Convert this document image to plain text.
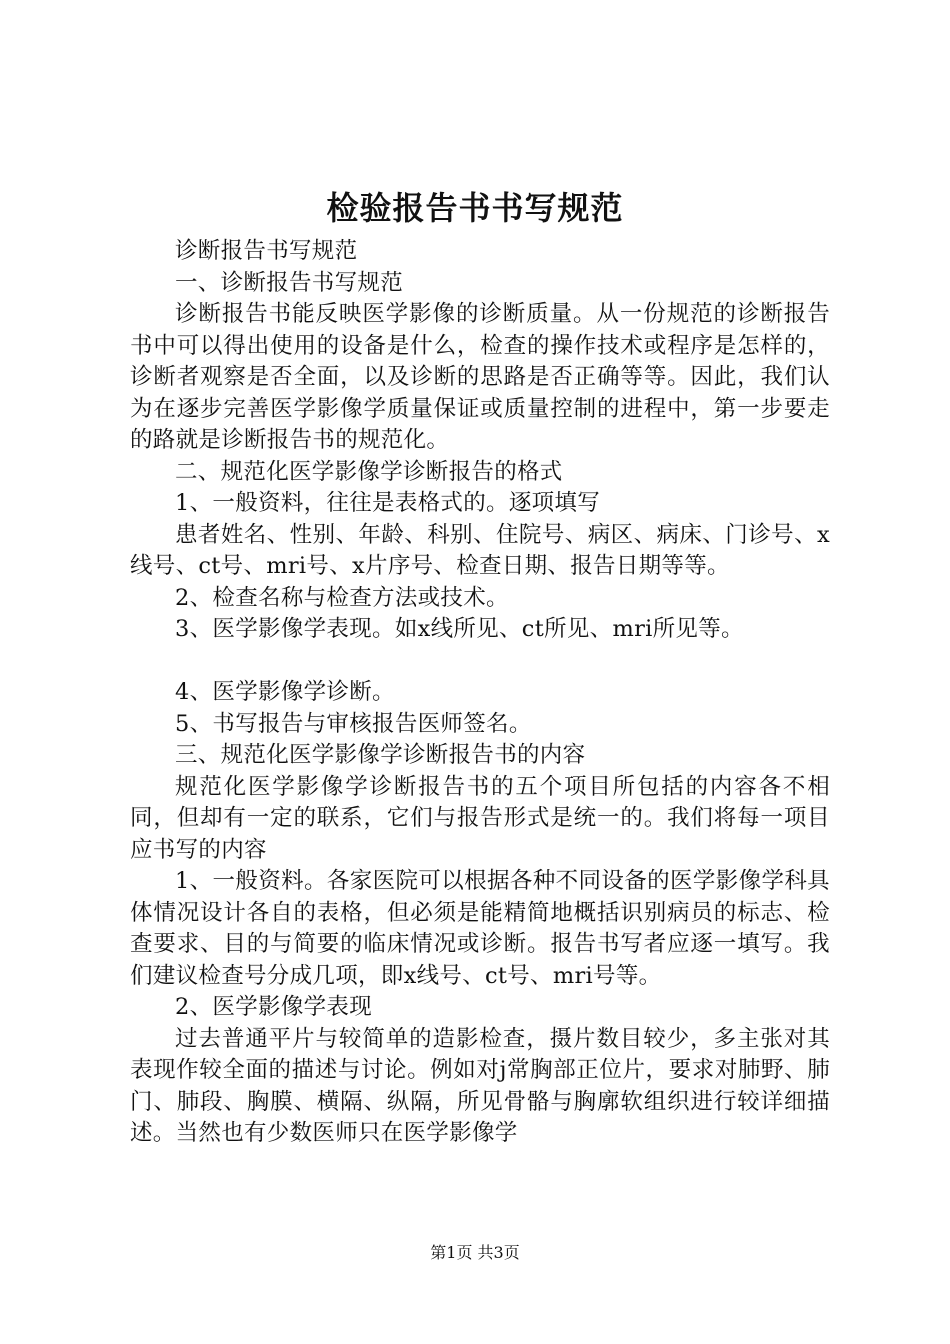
检验报告书书写规范

诊断报告书写规范

一、诊断报告书写规范

诊断报告书能反映医学影像的诊断质量。从一份规范的诊断报告书中可以得出使用的设备是什么，检查的操作技术或程序是怎样的，诊断者观察是否全面，以及诊断的思路是否正确等等。因此，我们认为在逐步完善医学影像学质量保证或质量控制的进程中，第一步要走的路就是诊断报告书的规范化。

二、规范化医学影像学诊断报告的格式

1、一般资料，往往是表格式的。逐项填写

患者姓名、性别、年龄、科别、住院号、病区、病床、门诊号、x线号、ct号、mri号、x片序号、检查日期、报告日期等等。

2、检查名称与检查方法或技术。

3、医学影像学表现。如x线所见、ct所见、mri所见等。

4、医学影像学诊断。

5、书写报告与审核报告医师签名。

三、规范化医学影像学诊断报告书的内容

规范化医学影像学诊断报告书的五个项目所包括的内容各不相同，但却有一定的联系，它们与报告形式是统一的。我们将每一项目应书写的内容

1、一般资料。各家医院可以根据各种不同设备的医学影像学科具体情况设计各自的表格，但必须是能精简地概括识别病员的标志、检查要求、目的与简要的临床情况或诊断。报告书写者应逐一填写。我们建议检查号分成几项，即x线号、ct号、mri号等。

2、医学影像学表现

过去普通平片与较简单的造影检查，摄片数目较少，多主张对其表现作较全面的描述与讨论。例如对j常胸部正位片，要求对肺野、肺门、肺段、胸膜、横隔、纵隔，所见骨骼与胸廓软组织进行较详细描述。当然也有少数医师只在医学影像学

第1页 共3页
